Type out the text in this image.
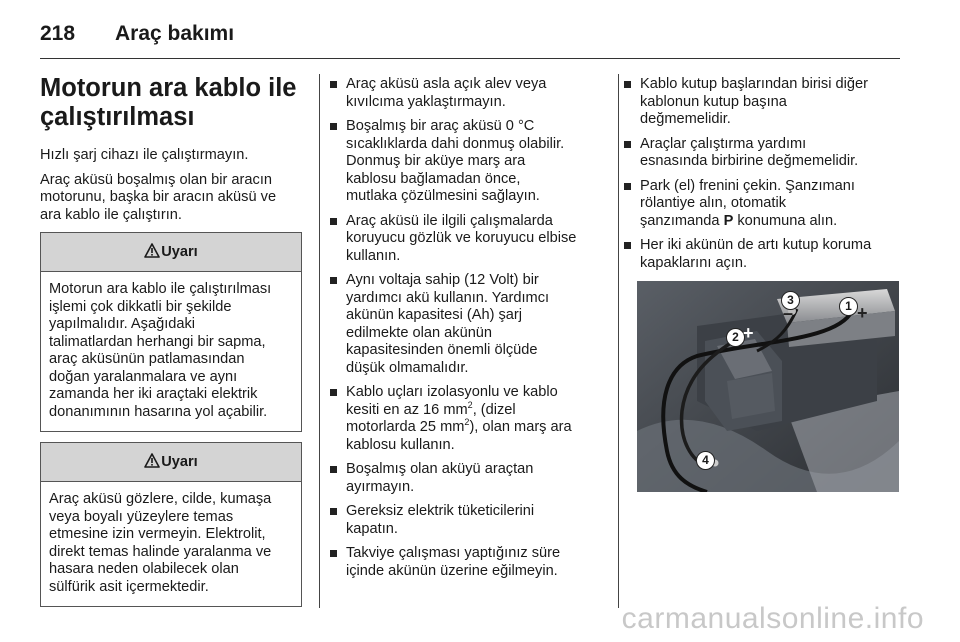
218 Araç bakımı
Motorun ara kablo ile
çalıştırılması

Hızlı şarj cihazı ile çalıştırmayın.

Araç aküsü boşalmış olan bir aracın
motorunu, başka bir aracın aküsü ve
ara kablo ile çalıştırın.

Uyarı
Motorun ara kablo ile çalıştırılması
işlemi çok dikkatli bir şekilde
yapılmalıdır. Aşağıdaki
talimatlardan herhangi bir sapma,
araç aküsünün patlamasından
doğan yaralanmalara ve aynı
zamanda her iki araçtaki elektrik
donanımının hasarına yol açabilir.
Uyarı
Araç aküsü gözlere, cilde, kumaşa
veya boyalı yüzeylere temas
etmesine izin vermeyin. Elektrolit,
direkt temas halinde yaralanma ve
hasara neden olabilecek olan
sülfürik asit içermektedir.
Araç aküsü asla açık alev veya
kıvılcıma yaklaştırmayın.
Boşalmış bir araç aküsü 0 °C
sıcaklıklarda dahi donmuş olabilir.
Donmuş bir aküye marş ara
kablosu bağlamadan önce,
mutlaka çözülmesini sağlayın.
Araç aküsü ile ilgili çalışmalarda
koruyucu gözlük ve koruyucu elbise
kullanın.
Aynı voltaja sahip (12 Volt) bir
yardımcı akü kullanın. Yardımcı
akünün kapasitesi (Ah) şarj
edilmekte olan akünün
kapasitesinden önemli ölçüde
düşük olmamalıdır.
Kablo uçları izolasyonlu ve kablo
kesiti en az 16 $mm^2$, (dizel
motorlarda 25 $mm^2$), olan marş ara
kablosu kullanın.
Boşalmış olan aküyü araçtan
ayırmayın.
Gereksiz elektrik tüketicilerini
kapatın.
Takviye çalışması yaptığınız süre
içinde akünün üzerine eğilmeyin.
Kablo kutup başlarından birisi diğer
kablonun kutup başına
değmemelidir.
Araçlar çalıştırma yardımı
esnasında birbirine değmemelidir.
Park (el) frenini çekin. Şanzımanı
rölantiye alın, otomatik
şanzımanda P konumuna alın.
Her iki akünün de artı kutup koruma
kapaklarını açın.
1
2
3
4
+
+
–
carmanualsonline.info
